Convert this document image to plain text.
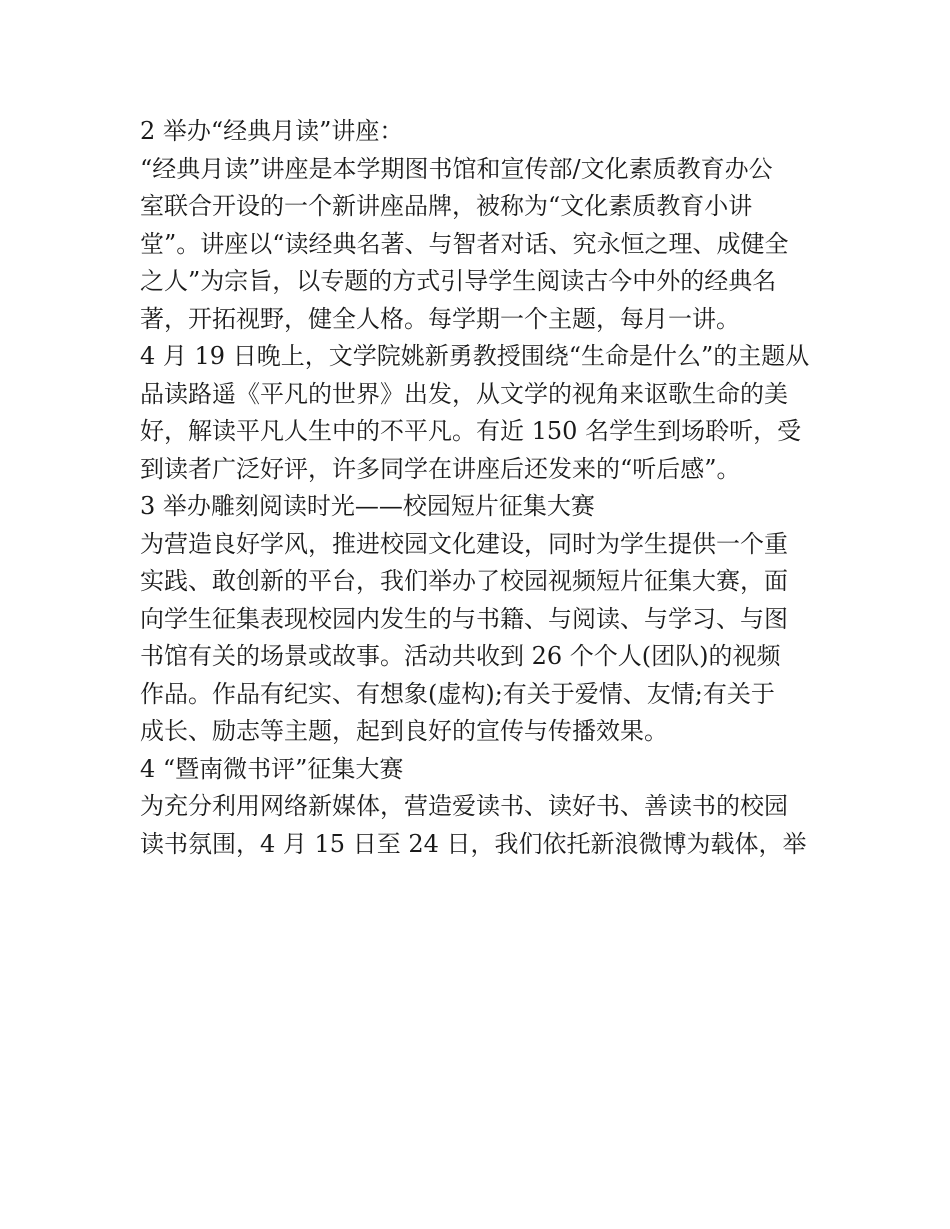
2 举办“经典月读”讲座：
“经典月读”讲座是本学期图书馆和宣传部/文化素质教育办公
室联合开设的一个新讲座品牌，被称为“文化素质教育小讲
堂”。讲座以“读经典名著、与智者对话、究永恒之理、成健全
之人”为宗旨，以专题的方式引导学生阅读古今中外的经典名
著，开拓视野，健全人格。每学期一个主题，每月一讲。
4 月 19 日晚上，文学院姚新勇教授围绕“生命是什么”的主题从
品读路遥《平凡的世界》出发，从文学的视角来讴歌生命的美
好，解读平凡人生中的不平凡。有近 150 名学生到场聆听，受
到读者广泛好评，许多同学在讲座后还发来的“听后感”。
3 举办雕刻阅读时光——校园短片征集大赛
为营造良好学风，推进校园文化建设，同时为学生提供一个重
实践、敢创新的平台，我们举办了校园视频短片征集大赛，面
向学生征集表现校园内发生的与书籍、与阅读、与学习、与图
书馆有关的场景或故事。活动共收到 26 个个人(团队)的视频
作品。作品有纪实、有想象(虚构);有关于爱情、友情;有关于
成长、励志等主题，起到良好的宣传与传播效果。
4 “暨南微书评”征集大赛
为充分利用网络新媒体，营造爱读书、读好书、善读书的校园
读书氛围，4 月 15 日至 24 日，我们依托新浪微博为载体，举
